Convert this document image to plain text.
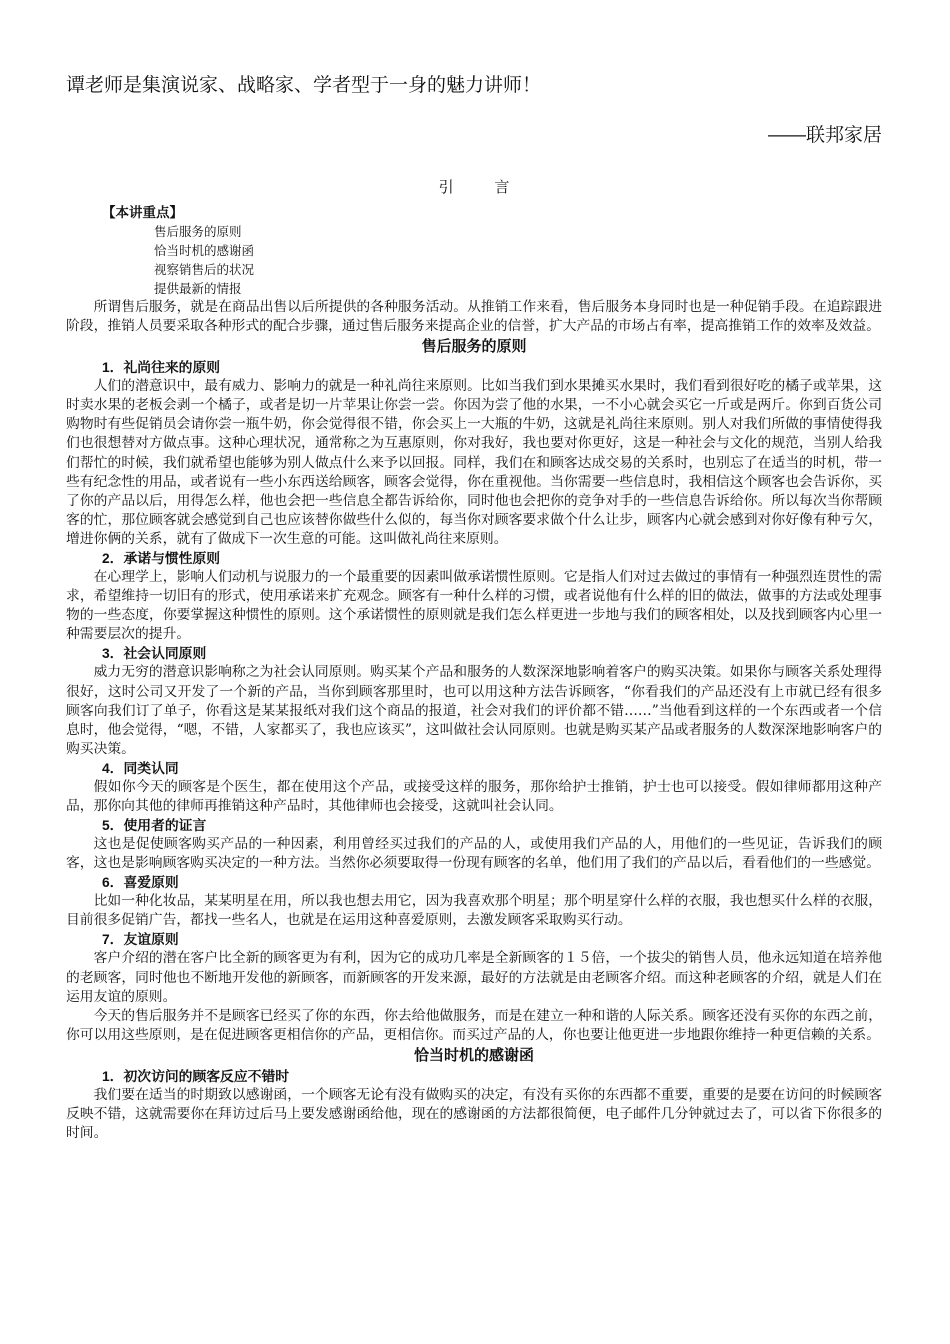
谭老师是集演说家、战略家、学者型于一身的魅力讲师！

——联邦家居

引 言
【本讲重点】
售后服务的原则
恰当时机的感谢函
视察销售后的状况
提供最新的情报

所谓售后服务，就是在商品出售以后所提供的各种服务活动。从推销工作来看，售后服务本身同时也是一种促销手段。在追踪跟进阶段，推销人员要采取各种形式的配合步骤，通过售后服务来提高企业的信誉，扩大产品的市场占有率，提高推销工作的效率及效益。

售后服务的原则
1．礼尚往来的原则

人们的潜意识中，最有威力、影响力的就是一种礼尚往来原则。比如当我们到水果摊买水果时，我们看到很好吃的橘子或苹果，这时卖水果的老板会剥一个橘子，或者是切一片苹果让你尝一尝。你因为尝了他的水果，一不小心就会买它一斤或是两斤。你到百货公司购物时有些促销员会请你尝一瓶牛奶，你会觉得很不错，你会买上一大瓶的牛奶，这就是礼尚往来原则。别人对我们所做的事情使得我们也很想替对方做点事。这种心理状况，通常称之为互惠原则，你对我好，我也要对你更好，这是一种社会与文化的规范，当别人给我们帮忙的时候，我们就希望也能够为别人做点什么来予以回报。同样，我们在和顾客达成交易的关系时，也别忘了在适当的时机，带一些有纪念性的用品，或者说有一些小东西送给顾客，顾客会觉得，你在重视他。当你需要一些信息时，我相信这个顾客也会告诉你，买了你的产品以后，用得怎么样，他也会把一些信息全都告诉给你，同时他也会把你的竞争对手的一些信息告诉给你。所以每次当你帮顾客的忙，那位顾客就会感觉到自己也应该替你做些什么似的，每当你对顾客要求做个什么让步，顾客内心就会感到对你好像有种亏欠，增进你俩的关系，就有了做成下一次生意的可能。这叫做礼尚往来原则。

2．承诺与惯性原则

在心理学上，影响人们动机与说服力的一个最重要的因素叫做承诺惯性原则。它是指人们对过去做过的事情有一种强烈连贯性的需求，希望维持一切旧有的形式，使用承诺来扩充观念。顾客有一种什么样的习惯，或者说他有什么样的旧的做法，做事的方法或处理事物的一些态度，你要掌握这种惯性的原则。这个承诺惯性的原则就是我们怎么样更进一步地与我们的顾客相处，以及找到顾客内心里一种需要层次的提升。

3．社会认同原则

威力无穷的潜意识影响称之为社会认同原则。购买某个产品和服务的人数深深地影响着客户的购买决策。如果你与顾客关系处理得很好，这时公司又开发了一个新的产品，当你到顾客那里时，也可以用这种方法告诉顾客，“你看我们的产品还没有上市就已经有很多顾客向我们订了单子，你看这是某某报纸对我们这个商品的报道，社会对我们的评价都不错……”当他看到这样的一个东西或者一个信息时，他会觉得，“嗯，不错，人家都买了，我也应该买”，这叫做社会认同原则。也就是购买某产品或者服务的人数深深地影响客户的购买决策。

4．同类认同

假如你今天的顾客是个医生，都在使用这个产品，或接受这样的服务，那你给护士推销，护士也可以接受。假如律师都用这种产品，那你向其他的律师再推销这种产品时，其他律师也会接受，这就叫社会认同。

5．使用者的证言

这也是促使顾客购买产品的一种因素，利用曾经买过我们的产品的人，或使用我们产品的人，用他们的一些见证，告诉我们的顾客，这也是影响顾客购买决定的一种方法。当然你必须要取得一份现有顾客的名单，他们用了我们的产品以后，看看他们的一些感觉。

6．喜爱原则

比如一种化妆品，某某明星在用，所以我也想去用它，因为我喜欢那个明星；那个明星穿什么样的衣服，我也想买什么样的衣服，目前很多促销广告，都找一些名人，也就是在运用这种喜爱原则，去激发顾客采取购买行动。

7．友谊原则

客户介绍的潜在客户比全新的顾客更为有利，因为它的成功几率是全新顾客的１５倍，一个拔尖的销售人员，他永远知道在培养他的老顾客，同时他也不断地开发他的新顾客，而新顾客的开发来源，最好的方法就是由老顾客介绍。而这种老顾客的介绍，就是人们在运用友谊的原则。

今天的售后服务并不是顾客已经买了你的东西，你去给他做服务，而是在建立一种和谐的人际关系。顾客还没有买你的东西之前，你可以用这些原则，是在促进顾客更相信你的产品，更相信你。而买过产品的人，你也要让他更进一步地跟你维持一种更信赖的关系。

恰当时机的感谢函
1．初次访问的顾客反应不错时

我们要在适当的时期致以感谢函，一个顾客无论有没有做购买的决定，有没有买你的东西都不重要，重要的是要在访问的时候顾客反映不错，这就需要你在拜访过后马上要发感谢函给他，现在的感谢函的方法都很简便，电子邮件几分钟就过去了，可以省下你很多的时间。
